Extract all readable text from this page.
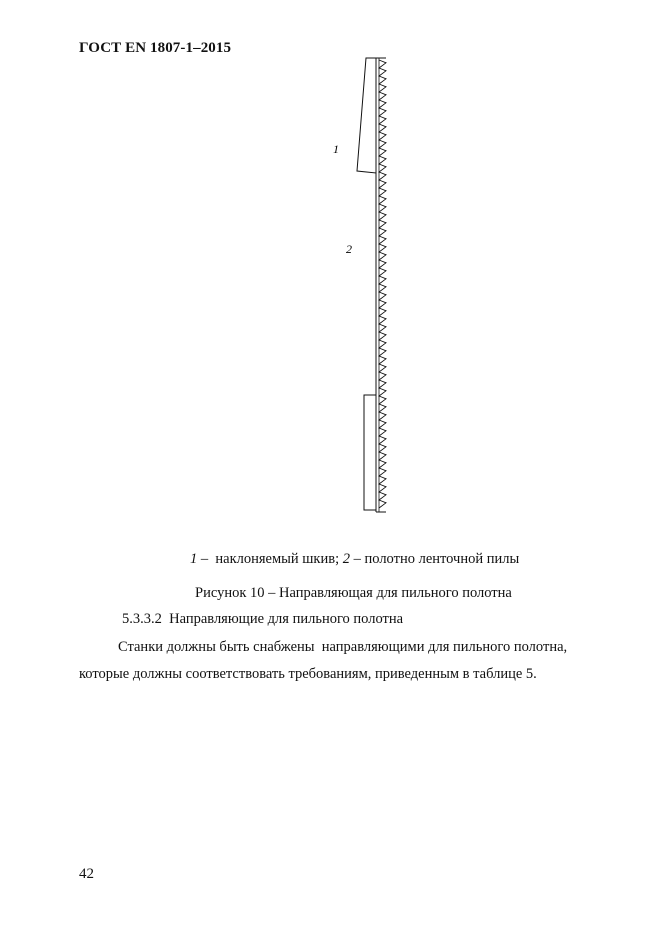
ГОСТ EN 1807-1–2015
1
2
1 –  наклоняемый шкив; 2 – полотно ленточной пилы
Рисунок 10 – Направляющая для пильного полотна
5.3.3.2  Направляющие для пильного полотна
Станки должны быть снабжены  направляющими для пильного полотна,
которые должны соответствовать требованиям, приведенным в таблице 5.
42
